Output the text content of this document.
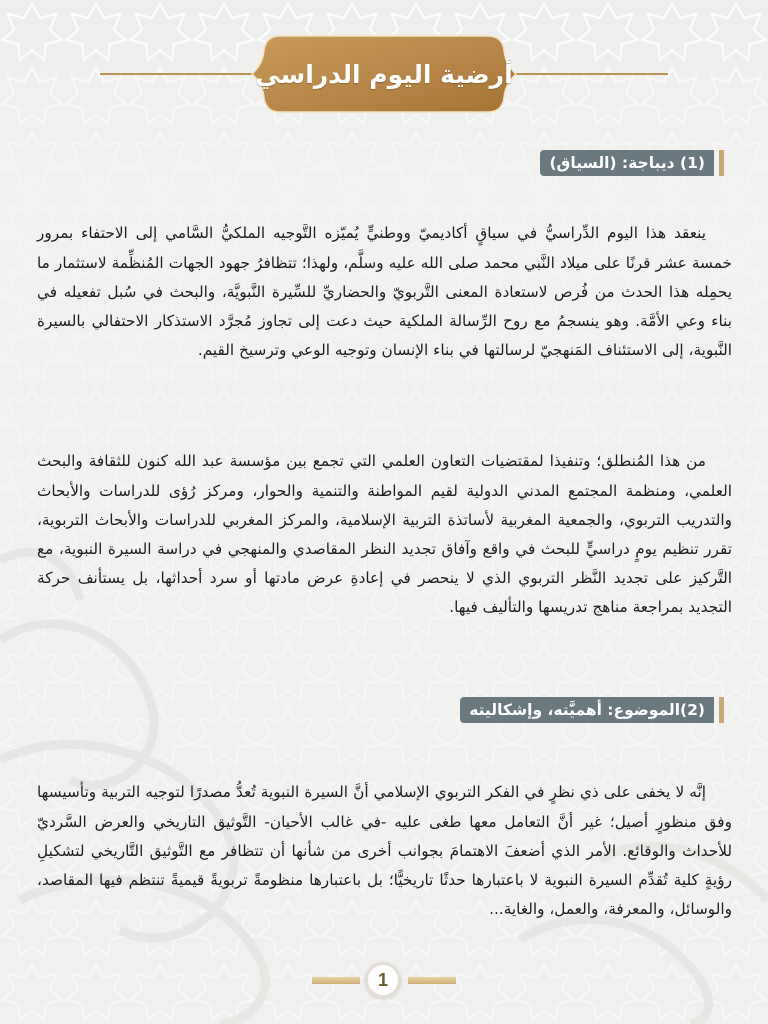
أرضية اليوم الدراسي
(1) ديباجة: (السياق)

ينعقد هذا اليوم الدِّراسيُّ في سياقٍ أكاديميّ ووطنيٍّ يُميّزه التَّوجيه الملكيُّ السَّامي إلى الاحتفاء بمرور خمسة عشر قرنًا على ميلاد النَّبي محمد صلى الله عليه وسلَّم، ولهذا؛ تتظافرُ جهود الجهات المُنظِّمة لاستثمار ما يحمِله هذا الحدث من فُرص لاستعادة المعنى التَّربويّ والحضاريِّ للسِّيرة النَّبويَّة، والبحث في سُبل تفعيله في بناء وعي الأمَّة. وهو ينسجمُ مع روح الرِّسالة الملكية حيث دعت إلى تجاوز مُجرَّد الاستذكار الاحتفالي بالسيرة النَّبوية، إلى الاستئناف المَنهجيّ لرسالتها في بناء الإنسان وتوجيه الوعي وترسيخ القيم.

من هذا المُنطلق؛ وتنفيذا لمقتضيات التعاون العلمي التي تجمع بين مؤسسة عبد الله كنون للثقافة والبحث العلمي، ومنظمة المجتمع المدني الدولية لقيم المواطنة والتنمية والحوار، ومركز رُؤى للدراسات والأبحاث والتدريب التربوي، والجمعية المغربية لأساتذة التربية الإسلامية، والمركز المغربي للدراسات والأبحاث التربوية، تقرر تنظيم يومٍ دراسيٍّ للبحث في واقع وآفاق تجديد النظر المقاصدي والمنهجي في دراسة السيرة النبوية، مع التَّركيز على تجديد النَّظر التربوي الذي لا ينحصر في إعادةِ عرض مادتها أو سرد أحداثها، بل يستأنف حركة التجديد بمراجعة مناهج تدريسها والتأليف فيها.

(2)الموضوع: أهميَّته، وإشكاليته

إنَّه لا يخفى على ذي نظرٍ في الفكر التربوي الإسلامي أنَّ السيرة النبوية تُعدُّ مصدرًا لتوجيه التربية وتأسيسها وفق منظورٍ أصيل؛ غير أنَّ التعامل معها طغى عليه -في غالب الأحيان- التَّوثيق التاريخي والعرض السَّرديّ للأحداث والوقائع. الأمر الذي أضعفَ الاهتمامَ بجوانب أخرى من شأنها أن تتظافر مع التَّوثيق التَّاريخي لتشكيلِ رؤيةٍ كلية تُقدِّم السيرة النبوية لا باعتبارها حدثًا تاريخيًّا؛ بل باعتبارها منظومةً تربويةً قيميةً تنتظم فيها المقاصد، والوسائل، والمعرفة، والعمل، والغاية...

1
